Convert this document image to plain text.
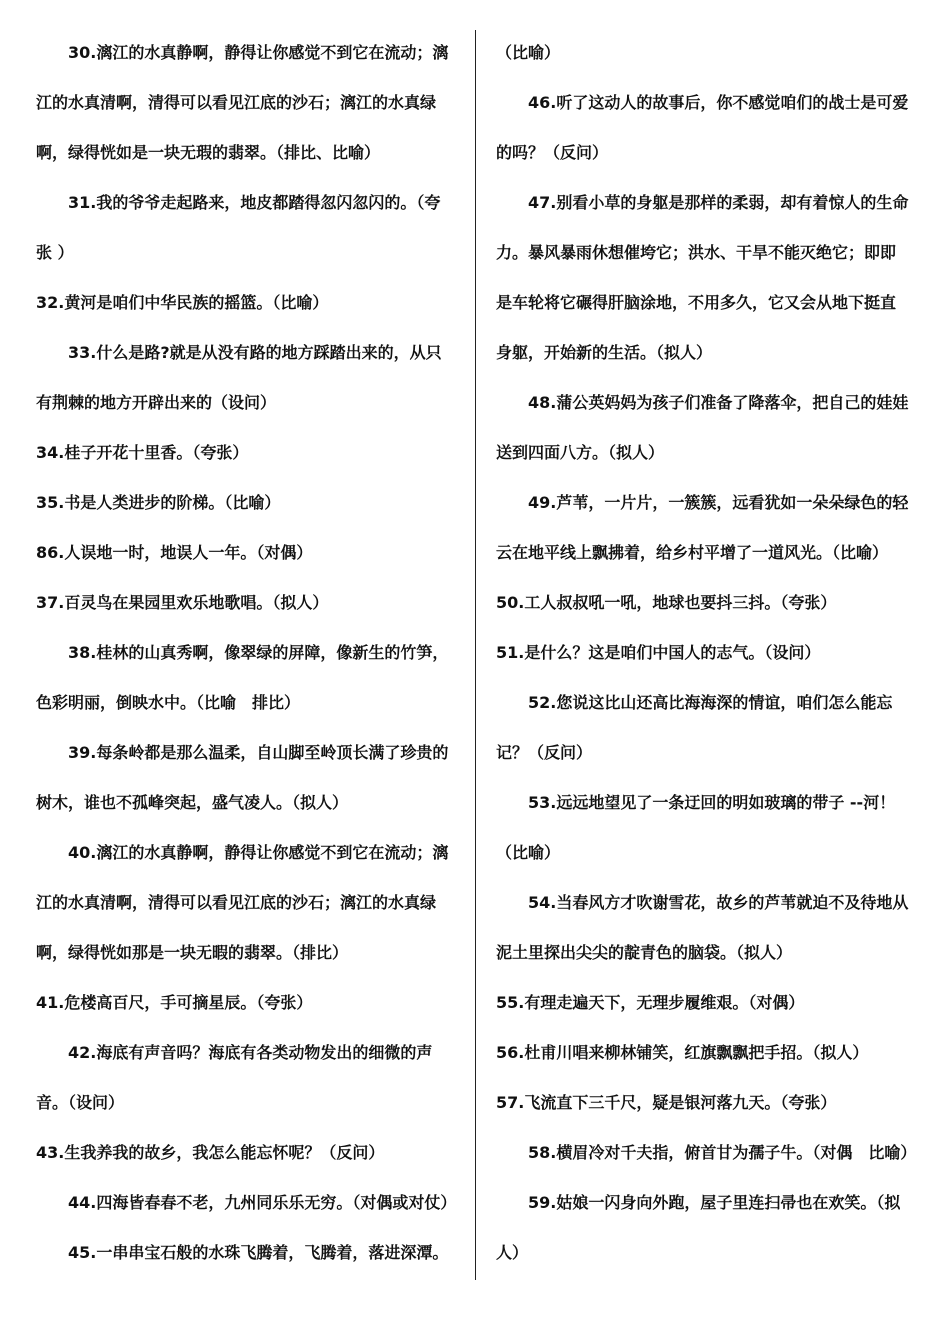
30.漓江的水真静啊，静得让你感觉不到它在流动；漓
江的水真清啊，清得可以看见江底的沙石；漓江的水真绿
啊，绿得恍如是一块无瑕的翡翠。（排比、比喻）
31.我的爷爷走起路来，地皮都踏得忽闪忽闪的。（夸
张 ）
32.黄河是咱们中华民族的摇篮。（比喻）
33.什么是路?就是从没有路的地方踩踏出来的，从只
有荆棘的地方开辟出来的（设问）
34.桂子开花十里香。（夸张）
35.书是人类进步的阶梯。（比喻）
86.人误地一时，地误人一年。（对偶）
37.百灵鸟在果园里欢乐地歌唱。（拟人）
38.桂林的山真秀啊，像翠绿的屏障，像新生的竹笋，
色彩明丽，倒映水中。（比喻　排比）
39.每条岭都是那么温柔，自山脚至岭顶长满了珍贵的
树木，谁也不孤峰突起，盛气凌人。（拟人）
40.漓江的水真静啊，静得让你感觉不到它在流动；漓
江的水真清啊，清得可以看见江底的沙石；漓江的水真绿
啊，绿得恍如那是一块无暇的翡翠。（排比）
41.危楼高百尺，手可摘星辰。（夸张）
42.海底有声音吗？海底有各类动物发出的细微的声
音。（设问）
43.生我养我的故乡，我怎么能忘怀呢？（反问）
44.四海皆春春不老，九州同乐乐无穷。（对偶或对仗）
45.一串串宝石般的水珠飞腾着，飞腾着，落进深潭。
（比喻）
46.听了这动人的故事后，你不感觉咱们的战士是可爱
的吗？（反问）
47.别看小草的身躯是那样的柔弱，却有着惊人的生命
力。暴风暴雨休想催垮它；洪水、干旱不能灭绝它；即即
是车轮将它碾得肝脑涂地，不用多久，它又会从地下挺直
身躯，开始新的生活。（拟人）
48.蒲公英妈妈为孩子们准备了降落伞，把自己的娃娃
送到四面八方。（拟人）
49.芦苇，一片片，一簇簇，远看犹如一朵朵绿色的轻
云在地平线上飘拂着，给乡村平增了一道风光。（比喻）
50.工人叔叔吼一吼，地球也要抖三抖。（夸张）
51.是什么？这是咱们中国人的志气。（设问）
52.您说这比山还高比海海深的情谊，咱们怎么能忘
记？（反问）
53.远远地望见了一条迂回的明如玻璃的带子 --河！
（比喻）
54.当春风方才吹谢雪花，故乡的芦苇就迫不及待地从
泥土里探出尖尖的靛青色的脑袋。（拟人）
55.有理走遍天下，无理步履维艰。（对偶）
56.杜甫川唱来柳林铺笑，红旗飘飘把手招。（拟人）
57.飞流直下三千尺，疑是银河落九天。（夸张）
58.横眉冷对千夫指，俯首甘为孺子牛。（对偶　比喻）
59.姑娘一闪身向外跑，屋子里连扫帚也在欢笑。（拟
人）
